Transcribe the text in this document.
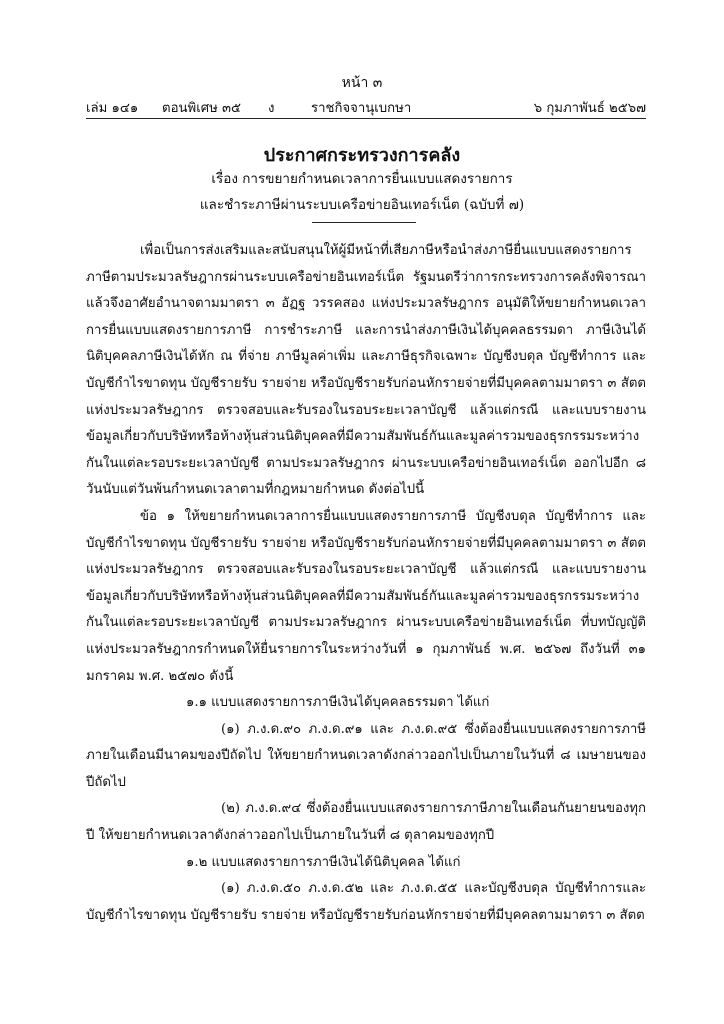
หน้า ๓
เล่ม ๑๔๑ ตอนพิเศษ ๓๕ ง	ราชกิจจานุเบกษา	๖ กุมภาพันธ์ ๒๕๖๗
ประกาศกระทรวงการคลัง
เรื่อง การขยายกำหนดเวลาการยื่นแบบแสดงรายการ
และชำระภาษีผ่านระบบเครือข่ายอินเทอร์เน็ต (ฉบับที่ ๗)

เพื่อเป็นการส่งเสริมและสนับสนุนให้ผู้มีหน้าที่เสียภาษีหรือนำส่งภาษียื่นแบบแสดงรายการภาษีตามประมวลรัษฎากรผ่านระบบเครือข่ายอินเทอร์เน็ต รัฐมนตรีว่าการกระทรวงการคลังพิจารณาแล้วจึงอาศัยอำนาจตามมาตรา ๓ อัฏฐ วรรคสอง แห่งประมวลรัษฎากร อนุมัติให้ขยายกำหนดเวลาการยื่นแบบแสดงรายการภาษี การชำระภาษี และการนำส่งภาษีเงินได้บุคคลธรรมดา ภาษีเงินได้นิติบุคคลภาษีเงินได้หัก ณ ที่จ่าย ภาษีมูลค่าเพิ่ม และภาษีธุรกิจเฉพาะ บัญชีงบดุล บัญชีทำการ และบัญชีกำไรขาดทุน บัญชีรายรับ รายจ่าย หรือบัญชีรายรับก่อนหักรายจ่ายที่มีบุคคลตามมาตรา ๓ สัตตแห่งประมวลรัษฎากร ตรวจสอบและรับรองในรอบระยะเวลาบัญชี แล้วแต่กรณี และแบบรายงานข้อมูลเกี่ยวกับบริษัทหรือห้างหุ้นส่วนนิติบุคคลที่มีความสัมพันธ์กันและมูลค่ารวมของธุรกรรมระหว่างกันในแต่ละรอบระยะเวลาบัญชี ตามประมวลรัษฎากร ผ่านระบบเครือข่ายอินเทอร์เน็ต ออกไปอีก ๘ วันนับแต่วันพ้นกำหนดเวลาตามที่กฎหมายกำหนด ดังต่อไปนี้

ข้อ ๑ ให้ขยายกำหนดเวลาการยื่นแบบแสดงรายการภาษี บัญชีงบดุล บัญชีทำการ และบัญชีกำไรขาดทุน บัญชีรายรับ รายจ่าย หรือบัญชีรายรับก่อนหักรายจ่ายที่มีบุคคลตามมาตรา ๓ สัตตแห่งประมวลรัษฎากร ตรวจสอบและรับรองในรอบระยะเวลาบัญชี แล้วแต่กรณี และแบบรายงานข้อมูลเกี่ยวกับบริษัทหรือห้างหุ้นส่วนนิติบุคคลที่มีความสัมพันธ์กันและมูลค่ารวมของธุรกรรมระหว่างกันในแต่ละรอบระยะเวลาบัญชี ตามประมวลรัษฎากร ผ่านระบบเครือข่ายอินเทอร์เน็ต ที่บทบัญญัติแห่งประมวลรัษฎากรกำหนดให้ยื่นรายการในระหว่างวันที่ ๑ กุมภาพันธ์ พ.ศ. ๒๕๖๗ ถึงวันที่ ๓๑ มกราคม พ.ศ. ๒๕๗๐ ดังนี้

๑.๑ แบบแสดงรายการภาษีเงินได้บุคคลธรรมดา ได้แก่

(๑) ภ.ง.ด.๙๐ ภ.ง.ด.๙๑ และ ภ.ง.ด.๙๕ ซึ่งต้องยื่นแบบแสดงรายการภาษีภายในเดือนมีนาคมของปีถัดไป ให้ขยายกำหนดเวลาดังกล่าวออกไปเป็นภายในวันที่ ๘ เมษายนของปีถัดไป

(๒) ภ.ง.ด.๙๔ ซึ่งต้องยื่นแบบแสดงรายการภาษีภายในเดือนกันยายนของทุกปี ให้ขยายกำหนดเวลาดังกล่าวออกไปเป็นภายในวันที่ ๘ ตุลาคมของทุกปี

๑.๒ แบบแสดงรายการภาษีเงินได้นิติบุคคล ได้แก่

(๑) ภ.ง.ด.๕๐ ภ.ง.ด.๕๒ และ ภ.ง.ด.๕๕ และบัญชีงบดุล บัญชีทำการและบัญชีกำไรขาดทุน บัญชีรายรับ รายจ่าย หรือบัญชีรายรับก่อนหักรายจ่ายที่มีบุคคลตามมาตรา ๓ สัตต
